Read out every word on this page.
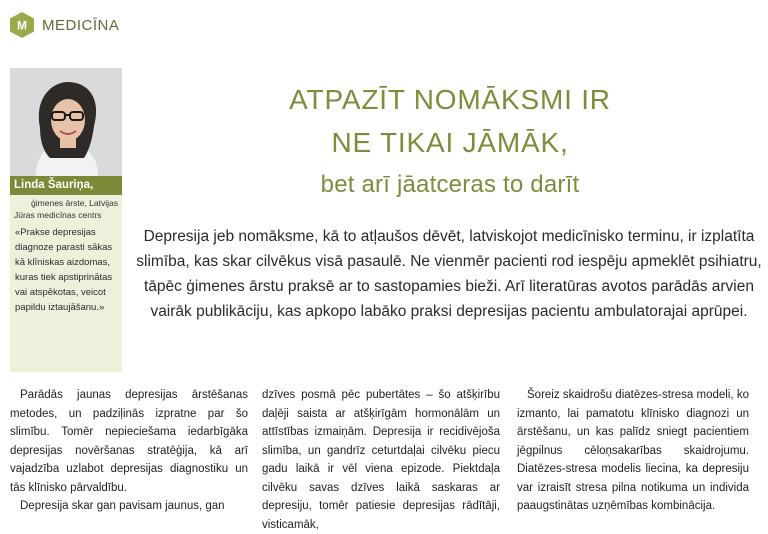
M MEDICĪNA
Linda Šauriņa,
ģimenes ārste, Latvijas
Jūras medicīnas centrs
«Prakse depresijas diagnoze parasti sākas kā klīniskas aizdomas, kuras tiek apstiprinātas vai atspēkotas, veicot papildu iztaujāšanu.»
ATPAZĪT NOMĀKSMI IR
NE TIKAI JĀMĀK,
bet arī jāatceras to darīt
Depresija jeb nomāksme, kā to atļaušos dēvēt, latviskojot medicīnisko terminu, ir izplatīta slimība, kas skar cilvēkus visā pasaulē. Ne vienmēr pacienti rod iespēju apmeklēt psihiatru, tāpēc ģimenes ārstu praksē ar to sastopamies bieži. Arī literatūras avotos parādās arvien vairāk publikāciju, kas apkopo labāko praksi depresijas pacientu ambulatorajai aprūpei.

Parādās jaunas depresijas ārstēšanas metodes, un padziļinās izpratne par šo slimību. Tomēr nepieciešama iedarbīgāka depresijas novēršanas stratēģija, kā arī vajadzība uzlabot depresijas diagnostiku un tās klīnisko pārvaldību.

Depresija skar gan pavisam jaunus, gan

dzīves posmā pēc pubertātes – šo atšķirību daļēji saista ar atšķirīgām hormonālām un attīstības izmaiņām. Depresija ir recidivējoša slimība, un gandrīz ceturtdaļai cilvēku piecu gadu laikā ir vēl viena epizode. Piektdaļa cilvēku savas dzīves laikā saskaras ar depresiju, tomēr patiesie depresijas rādītāji, visticamāk,

Šoreiz skaidrošu diatēzes-stresa modeli, ko izmanto, lai pamatotu klīnisko diagnozi un ārstēšanu, un kas palīdz sniegt pacientiem jēgpilnus cēloņsakarības skaidrojumu. Diatēzes-stresa modelis liecina, ka depresiju var izraisīt stresa pilna notikuma un individa paaugstinātas uzņēmības kombinācija.
